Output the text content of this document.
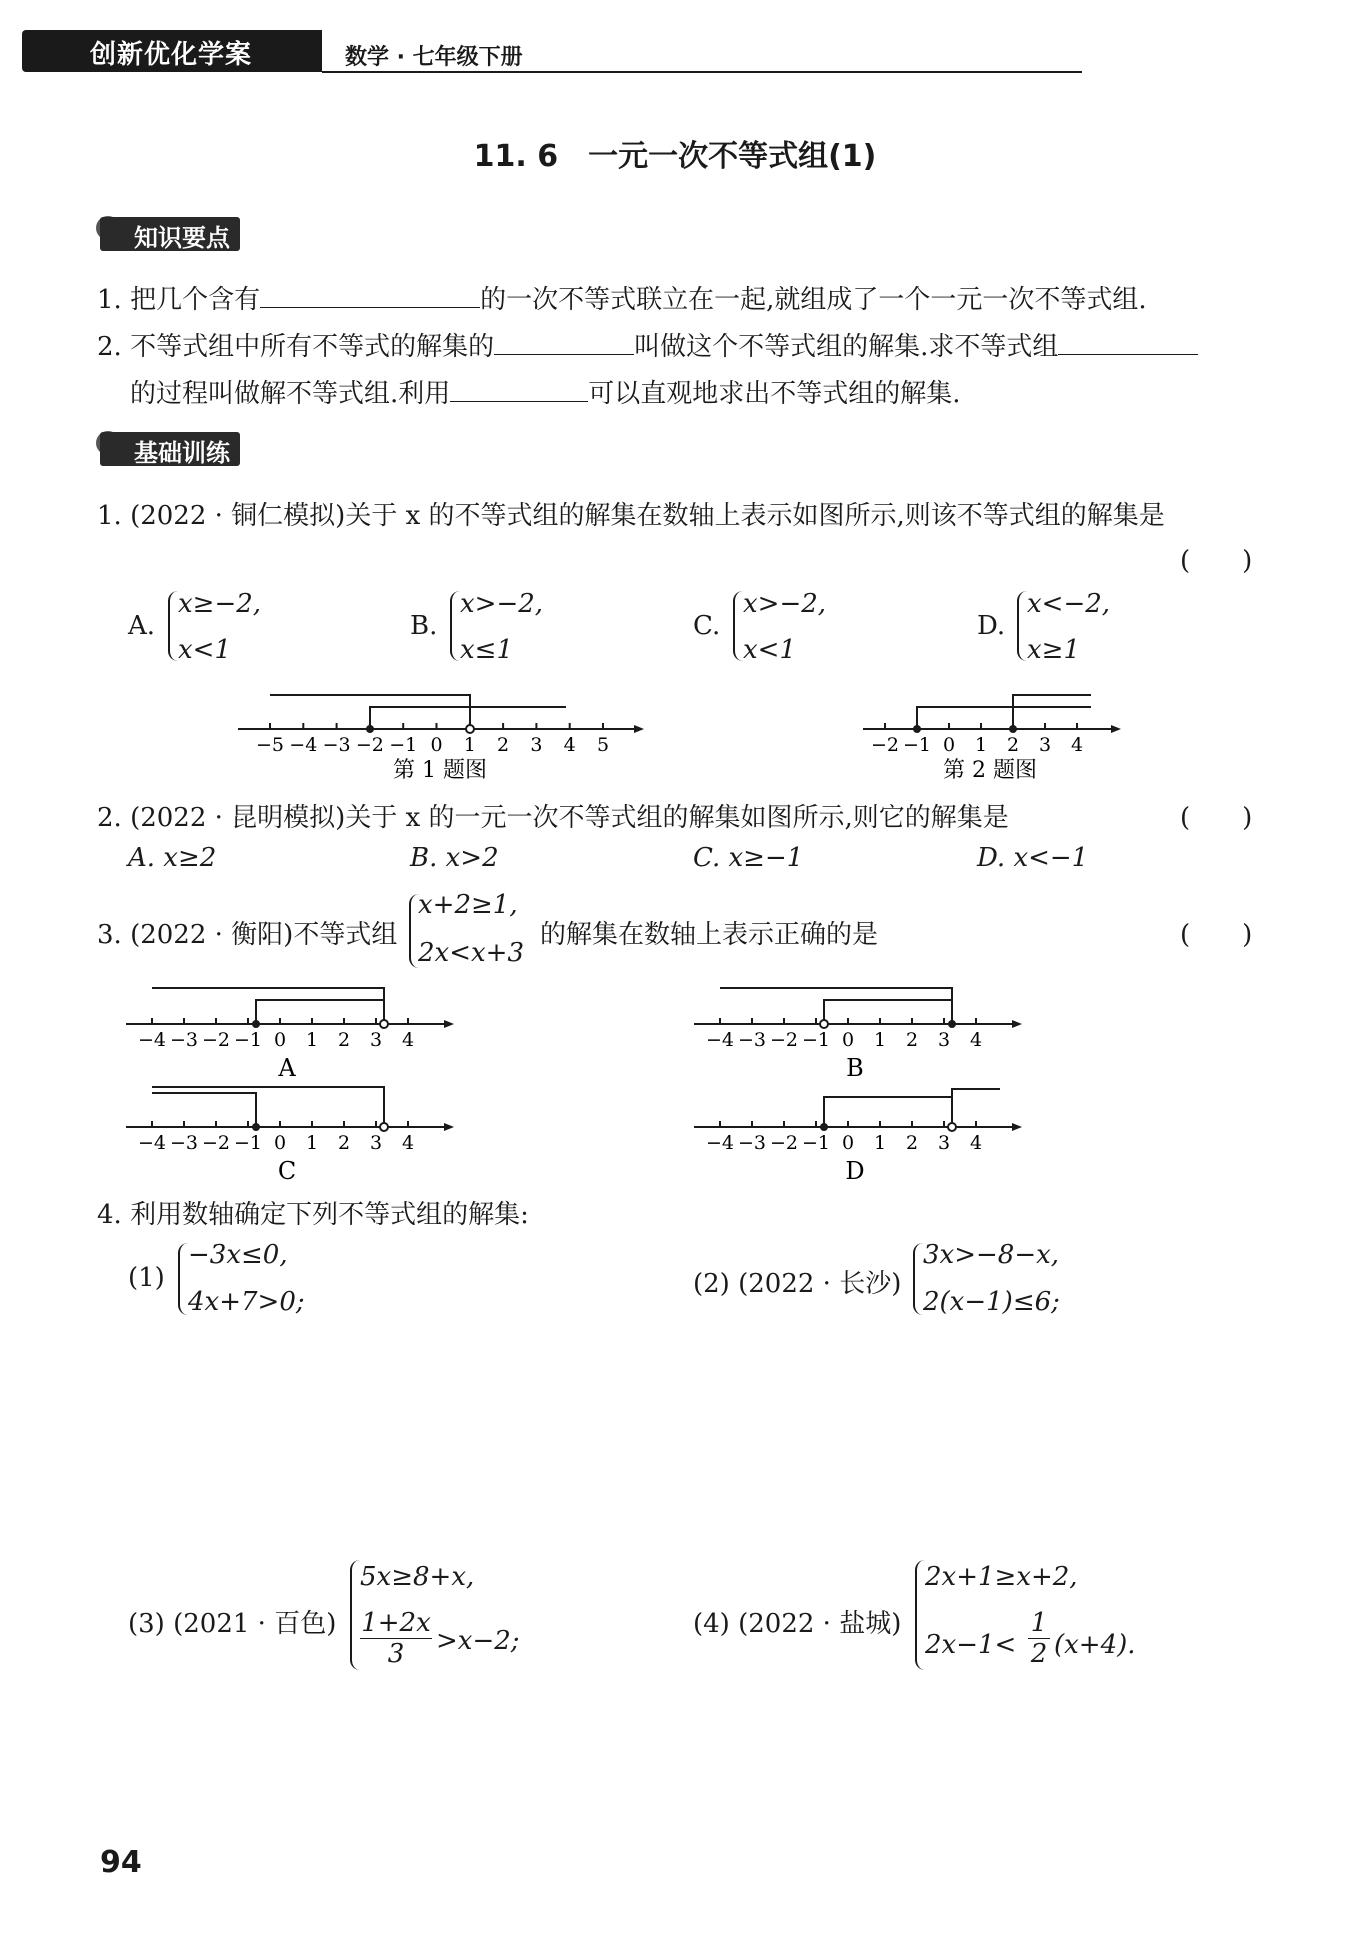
创新优化学案	数学 · 七年级下册
11. 6　一元一次不等式组(1)
知识要点
1. 把几个含有	的一次不等式联立在一起,就组成了一个一元一次不等式组.
2. 不等式组中所有不等式的解集的	叫做这个不等式组的解集.求不等式组
的过程叫做解不等式组.利用	可以直观地求出不等式组的解集.
基础训练
1. (2022 · 铜仁模拟)关于 x 的不等式组的解集在数轴上表示如图所示,则该不等式组的解集是
(　　)
A.
x≥−2,
x<1
B.
x>−2,
x≤1
C.
x>−2,
x<1
D.
x<−2,
x≥1
−5 −4 −3 −2 −1 0 1 2 3 4 5
第 1 题图
−2 −1 0 1 2 3 4
第 2 题图
2. (2022 · 昆明模拟)关于 x 的一元一次不等式组的解集如图所示,则它的解集是	(　　)
A. x≥2	B. x>2	C. x≥−1	D. x<−1
3. (2022 · 衡阳)不等式组
x+2≥1,
2x<x+3
的解集在数轴上表示正确的是	(　　)
−4 −3 −2 −1 0 1 2 3 4
A
−4 −3 −2 −1 0 1 2 3 4
B
−4 −3 −2 −1 0 1 2 3 4
C
−4 −3 −2 −1 0 1 2 3 4
D
4. 利用数轴确定下列不等式组的解集:
(1)
−3x≤0,
4x+7>0;
(2) (2022 · 长沙)
3x>−8−x,
2(x−1)≤6;
(3) (2021 · 百色)
5x≥8+x,
$\frac{1+2x}{3} >x-2$;
(4) (2022 · 盐城)
2x+1≥x+2,
$2x-1< \frac{1}{2} (x+4)$.
94
